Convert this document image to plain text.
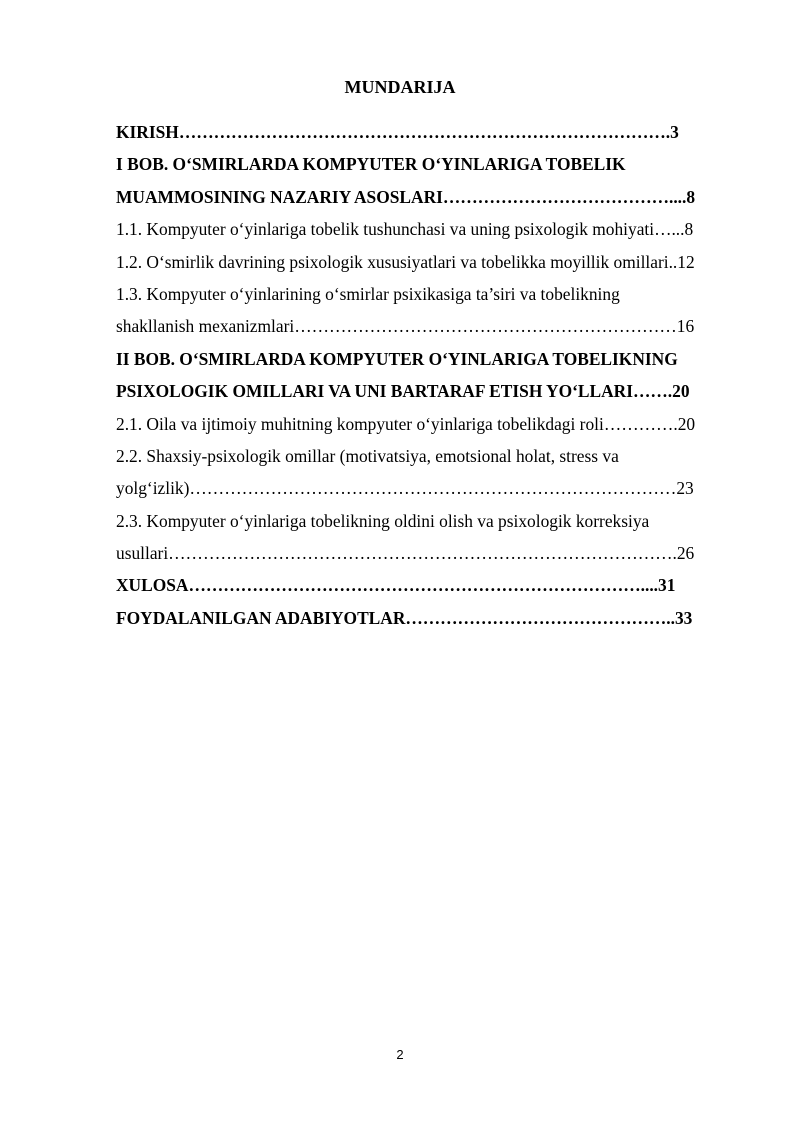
MUNDARIJA
KIRISH………………………………………………………………………….3
I BOB. O‘SMIRLARDA KOMPYUTER O‘YINLARIGA TOBELIK
MUAMMOSINING NAZARIY ASOSLARI…………………………………....8
1.1. Kompyuter o‘yinlariga tobelik tushunchasi va uning psixologik mohiyati…...8
1.2. O‘smirlik davrining psixologik xususiyatlari va tobelikka moyillik omillari..12
1.3. Kompyuter o‘yinlarining o‘smirlar psixikasiga ta’siri va tobelikning
shakllanish mexanizmlari…………………………………………………………16
II BOB. O‘SMIRLARDA KOMPYUTER O‘YINLARIGA TOBELIKNING
PSIXOLOGIK OMILLARI VA UNI BARTARAF ETISH YO‘LLARI…….20
2.1. Oila va ijtimoiy muhitning kompyuter o‘yinlariga tobelikdagi roli………….20
2.2. Shaxsiy-psixologik omillar (motivatsiya, emotsional holat, stress va
yolg‘izlik)…………………………………………………………………………23
2.3. Kompyuter o‘yinlariga tobelikning oldini olish va psixologik korreksiya
usullari…………………………………………………………………………….26
XULOSA……………………………………………………………………....31
FOYDALANILGAN ADABIYOTLAR………………………………………..33
2
